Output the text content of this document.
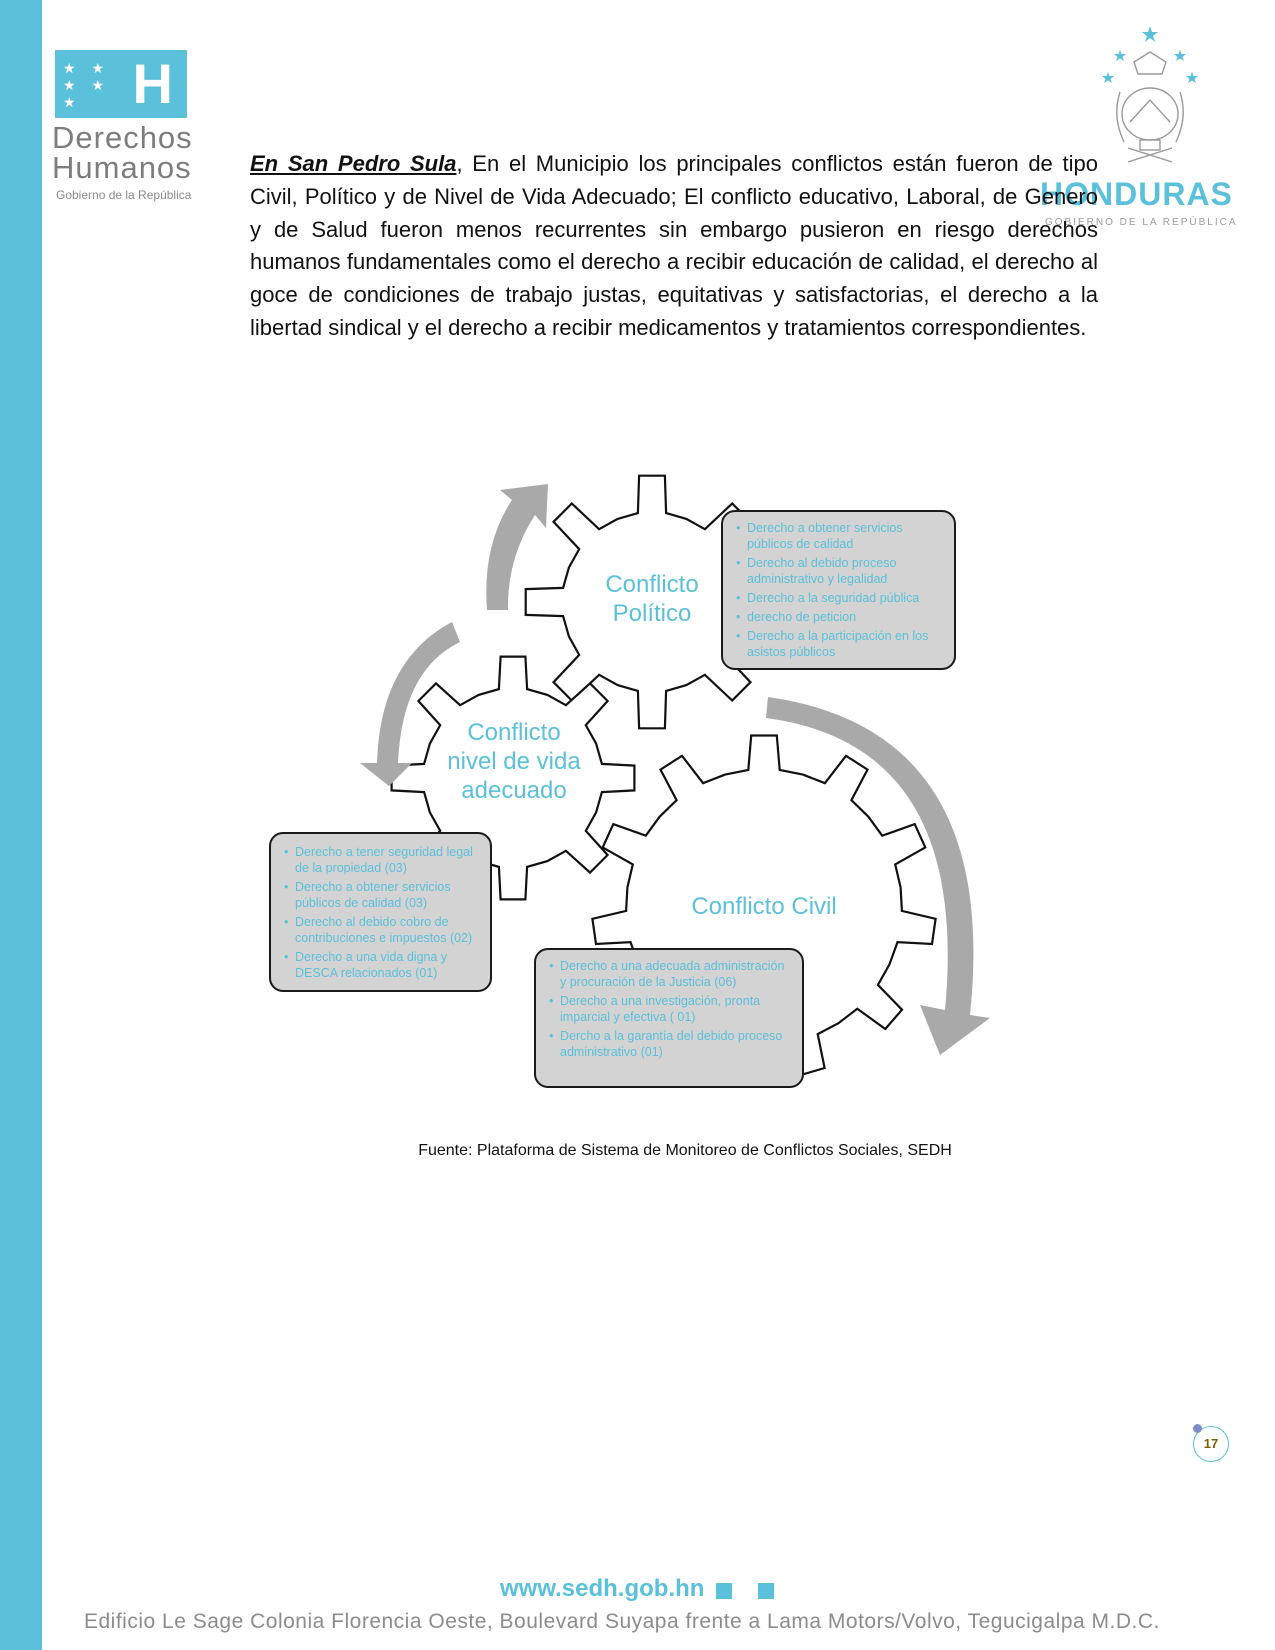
★ ★ ★ ★ ★ H
Derechos
Humanos
Gobierno de la República	HONDURAS
GOBIERNO DE LA REPÚBLICA

En San Pedro Sula, En el Municipio los principales conflictos están fueron de tipo Civil, Político y de Nivel de Vida Adecuado; El conflicto educativo, Laboral, de Genero y de Salud fueron menos recurrentes sin embargo pusieron en riesgo derechos humanos fundamentales como el derecho a recibir educación de calidad, el derecho al goce de condiciones de trabajo justas, equitativas y satisfactorias, el derecho a la libertad sindical y el derecho a recibir medicamentos y tratamientos correspondientes.

Conflicto Político
Conflicto nivel de vida adecuado
Conflicto Civil
• Derecho a obtener servicios públicos de calidad
• Derecho al debido proceso administrativo y legalidad
• Derecho a la seguridad pública
• derecho de peticion
• Derecho a la participación en los asistos públicos
• Derecho a tener seguridad legal de la propiedad (03)
• Derecho a obtener servicios públicos de calidad (03)
• Derecho al debido cobro de contribuciones e impuestos (02)
• Derecho a una vida digna y DESCA relacionados (01)
•	Derecho a una adecuada administración y procuración de la Justicia (06)
• Derecho a una investigación, pronta imparcial y efectiva ( 01)
• Dercho a la garantía del debido proceso administrativo (01)
Fuente: Plataforma de Sistema de Monitoreo de Conflictos Sociales, SEDH
17
www.sedh.gob.hn
Edificio Le Sage Colonia Florencia Oeste, Boulevard Suyapa frente a Lama Motors/Volvo, Tegucigalpa M.D.C.
